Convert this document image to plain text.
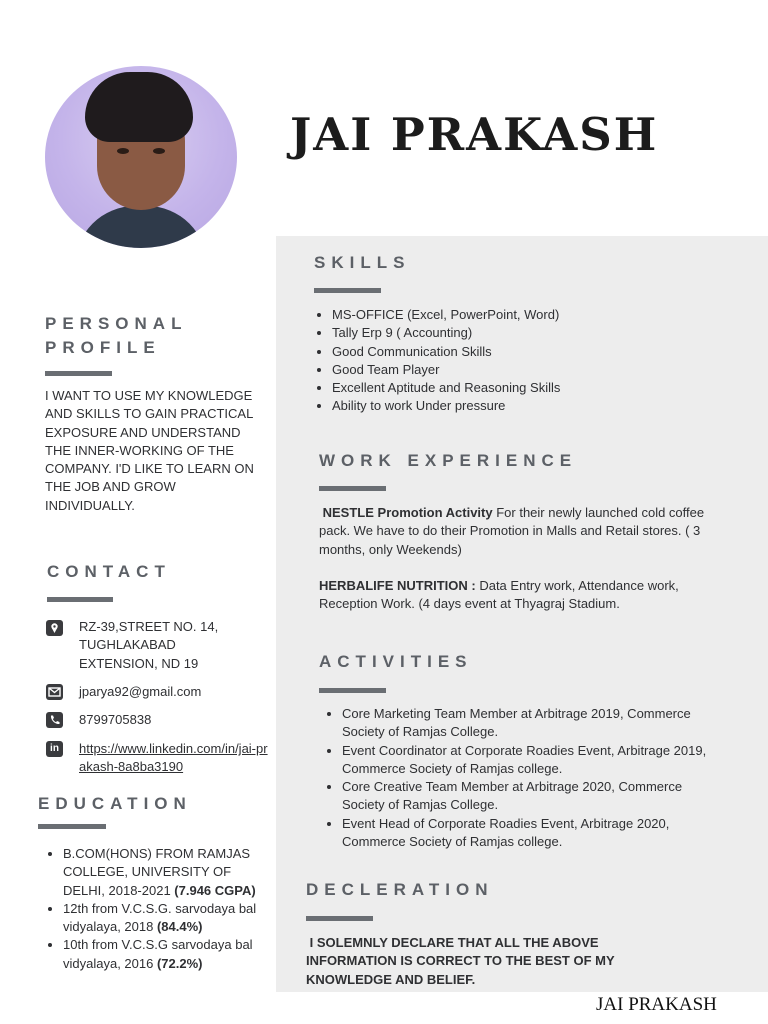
JAI PRAKASH
PERSONAL
PROFILE
I WANT TO USE MY KNOWLEDGE AND SKILLS TO GAIN PRACTICAL EXPOSURE AND UNDERSTAND THE INNER-WORKING OF THE COMPANY. I'D LIKE TO LEARN ON THE JOB AND GROW INDIVIDUALLY.
CONTACT
RZ-39,STREET NO. 14, TUGHLAKABAD EXTENSION, ND 19
jparya92@gmail.com
8799705838
in	https://www.linkedin.com/in/jai-prakash-8a8ba3190
EDUCATION
• B.COM(HONS) FROM RAMJAS COLLEGE, UNIVERSITY OF DELHI, 2018-2021 (7.946 CGPA)
• 12th from V.C.S.G. sarvodaya bal vidyalaya, 2018 (84.4%)
• 10th from V.C.S.G sarvodaya bal vidyalaya, 2016 (72.2%)
SKILLS
• MS-OFFICE (Excel, PowerPoint, Word)
• Tally Erp 9 ( Accounting)
• Good Communication Skills
• Good Team Player
• Excellent Aptitude and Reasoning Skills
• Ability to work Under pressure
WORK EXPERIENCE
NESTLE Promotion Activity For their newly launched cold coffee pack. We have to do their Promotion in Malls and Retail stores. ( 3 months, only Weekends)
HERBALIFE NUTRITION : Data Entry work, Attendance work, Reception Work. (4 days event at Thyagraj Stadium.
ACTIVITIES
• Core Marketing Team Member at Arbitrage 2019, Commerce Society of Ramjas College.
• Event Coordinator at Corporate Roadies Event, Arbitrage 2019, Commerce Society of Ramjas college.
• Core Creative Team Member at Arbitrage 2020, Commerce Society of Ramjas College.
• Event Head of Corporate Roadies Event, Arbitrage 2020, Commerce Society of Ramjas college.
DECLERATION
I SOLEMNLY DECLARE THAT ALL THE ABOVE INFORMATION IS CORRECT TO THE BEST OF MY KNOWLEDGE AND BELIEF.
JAI PRAKASH
